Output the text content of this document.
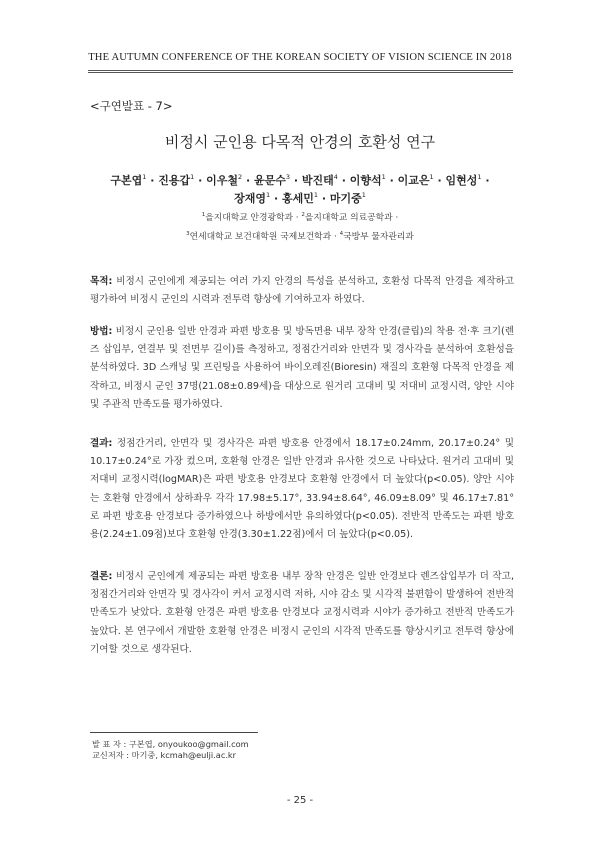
THE AUTUMN CONFERENCE OF THE KOREAN SOCIETY OF VISION SCIENCE IN 2018
<구연발표 - 7>
비정시 군인용 다목적 안경의 호환성 연구
구본엽$^1$ · 진용갑$^1$ · 이우철$^2$ · 윤문수$^3$ · 박진태$^4$ · 이향석$^1$ · 이교은$^1$ · 임현성$^1$ ·
장재영$^1$ · 홍세민$^1$ · 마기중$^1$
$^1$을지대학교 안경광학과 · $^2$을지대학교 의료공학과 ·
$^3$연세대학교 보건대학원 국제보건학과 · $^4$국방부 물자관리과
목적: 비정시 군인에게 제공되는 여러 가지 안경의 특성을 분석하고, 호환성 다목적 안경을 제작하고 평가하여 비정시 군인의 시력과 전투력 향상에 기여하고자 하였다.
방법: 비정시 군인용 일반 안경과 파편 방호용 및 방독면용 내부 장착 안경(클립)의 착용 전·후 크기(렌즈 삽입부, 연결부 및 전면부 길이)를 측정하고, 정점간거리와 안면각 및 경사각을 분석하여 호환성을 분석하였다. 3D 스캐닝 및 프린팅을 사용하여 바이오레진(Bioresin) 재질의 호환형 다목적 안경을 제작하고, 비정시 군인 37명(21.08±0.89세)을 대상으로 원거리 고대비 및 저대비 교정시력, 양안 시야 및 주관적 만족도를 평가하였다.
결과: 정점간거리, 안면각 및 경사각은 파편 방호용 안경에서 18.17±0.24mm, 20.17±0.24° 및 10.17±0.24°로 가장 컸으며, 호환형 안경은 일반 안경과 유사한 것으로 나타났다. 원거리 고대비 및 저대비 교정시력(logMAR)은 파편 방호용 안경보다 호환형 안경에서 더 높았다(p<0.05). 양안 시야는 호환형 안경에서 상하좌우 각각 17.98±5.17°, 33.94±8.64°, 46.09±8.09° 및 46.17±7.81°로 파편 방호용 안경보다 증가하였으나 하방에서만 유의하였다(p<0.05). 전반적 만족도는 파편 방호용(2.24±1.09점)보다 호환형 안경(3.30±1.22점)에서 더 높았다(p<0.05).
결론: 비정시 군인에게 제공되는 파편 방호용 내부 장착 안경은 일반 안경보다 렌즈삽입부가 더 작고, 정점간거리와 안면각 및 경사각이 커서 교정시력 저하, 시야 감소 및 시각적 불편함이 발생하여 전반적 만족도가 낮았다. 호환형 안경은 파편 방호용 안경보다 교정시력과 시야가 증가하고 전반적 만족도가 높았다. 본 연구에서 개발한 호환형 안경은 비정시 군인의 시각적 만족도를 향상시키고 전투력 향상에 기여할 것으로 생각된다.
발 표 자 : 구본엽, onyoukoo@gmail.com
교신저자 : 마기중, kcmah@eulji.ac.kr
- 25 -
